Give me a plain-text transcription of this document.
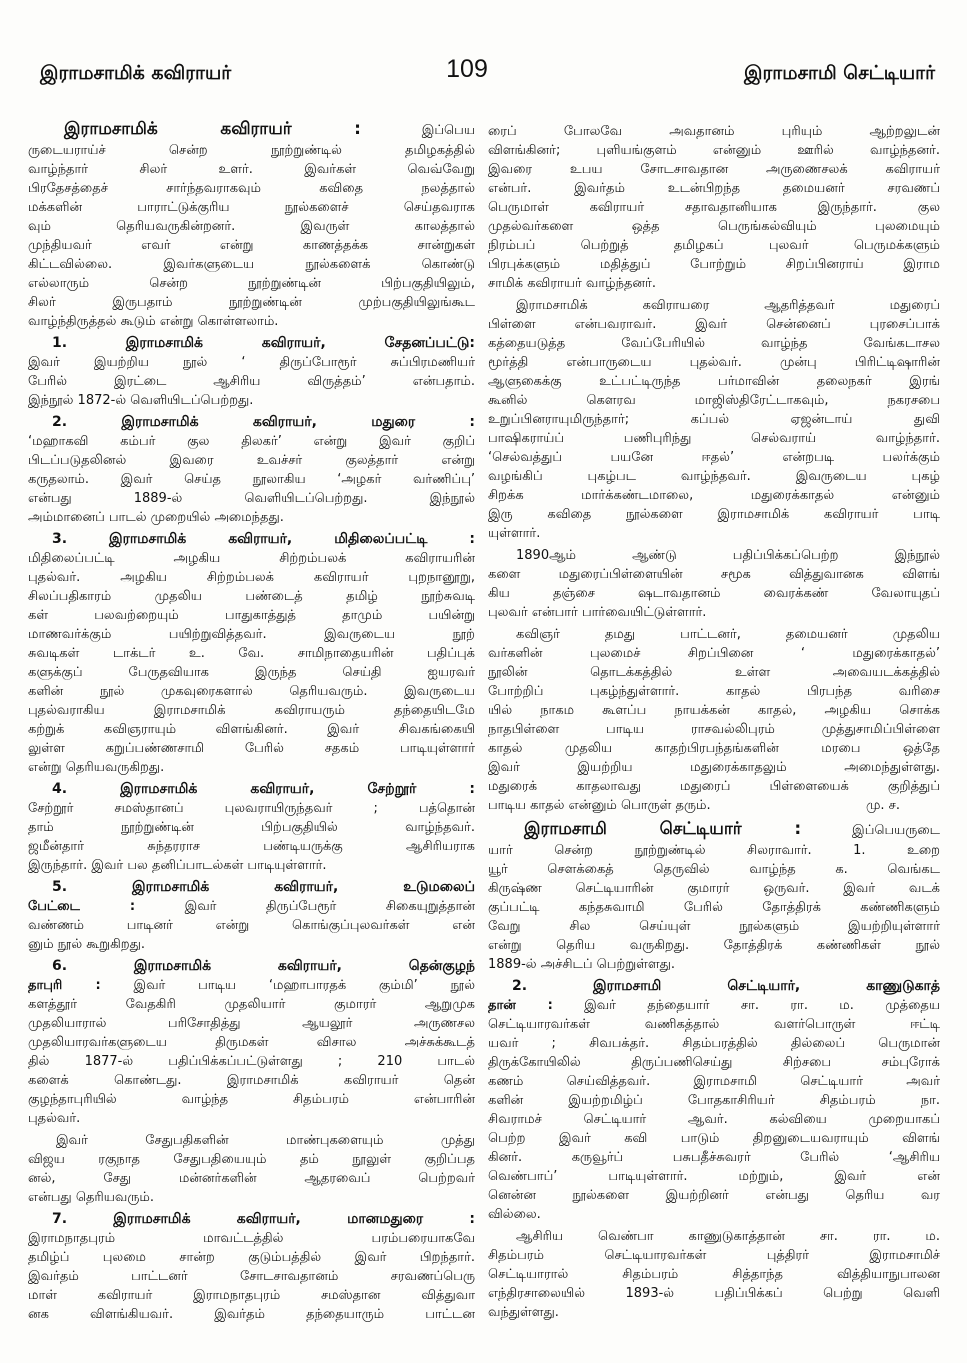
இராமசாமிக் கவிராயர்	109	இராமசாமி செட்டியார்
இராமசாமிக் கவிராயர் : இப்பெய
ருடையராய்ச் சென்ற நூற்றுண்டில் தமிழகத்தில்
வாழ்ந்தார் சிலர் உளர். இவர்கள் வெவ்வேறு
பிரதேசத்தைச் சார்ந்தவராகவும் கவிதை நலத்தால்
மக்களின் பாராட்டுக்குரிய நூல்களைச் செய்தவராக
வும் தெரியவருகின்றனர். இவருள் காலத்தால்
முந்தியவர் எவர் என்று காணத்தக்க சான்றுகள்
கிட்டவில்லை. இவர்களுடைய நூல்களைக் கொண்டு
எல்லாரும் சென்ற நூற்றுண்டின் பிற்பகுதியிலும்,
சிலர் இருபதாம் நூற்றுண்டின் முற்பகுதியிலுங்கூட
வாழ்ந்திருத்தல் கூடும் என்று கொள்ளலாம்.
1. இராமசாமிக் கவிராயர், சேதனப்பட்டு:
இவர் இயற்றிய நூல் ‘ திருப்போரூர் சுப்பிரமணியர்
பேரில் இரட்டை ஆசிரிய விருத்தம்’ என்பதாம்.
இந்நூல் 1872-ல் வெளியிடப்பெற்றது.
2. இராமசாமிக் கவிராயர், மதுரை :
‘மஹாகவி கம்பர் குல திலகர்’ என்று இவர் குறிப்
பிடப்படுதலினல் இவரை உவச்சர் குலத்தார் என்று
கருதலாம். இவர் செய்த நூலாகிய ‘அழகர் வர்ணிப்பு’
என்பது 1889-ல் வெளியிடப்பெற்றது. இந்நூல்
அம்மானைப் பாடல் முறையில் அமைந்தது.
3. இராமசாமிக் கவிராயர், மிதிலைப்பட்டி :
மிதிலைப்பட்டி அழகிய சிற்றம்பலக் கவிராயரின்
புதல்வர். அழகிய சிற்றம்பலக் கவிராயர் புறநானூறு,
சிலப்பதிகாரம் முதலிய பண்டைத் தமிழ் நூற்சுவடி
கள் பலவற்றையும் பாதுகாத்துத் தாமும் பயின்று
மாணவர்க்கும் பயிற்றுவித்தவர். இவருடைய நூற்
சுவடிகள் டாக்டர் உ. வே. சாமிநாதையரின் பதிப்புக்
களுக்குப் பேருதவியாக இருந்த செய்தி ஐயரவர்
களின் நூல் முகவுரைகளால் தெரியவரும். இவருடைய
புதல்வராகிய இராமசாமிக் கவிராயரும் தந்தையிடமே
கற்றுக் கவிஞராயும் விளங்கினர். இவர் சிவகங்கையி
லுள்ள கறுப்பண்ணசாமி பேரில் சதகம் பாடியுள்ளார்
என்று தெரியவருகிறது.
4. இராமசாமிக் கவிராயர், சேற்றூர் :
சேற்றூர் சமஸ்தானப் புலவராயிருந்தவர் ; பத்தொன்
தாம் நூற்றுண்டின் பிற்பகுதியில் வாழ்ந்தவர்.
ஜமீன்தார் சுந்தரராச பண்டியருக்கு ஆசிரியராக
இருந்தார். இவர் பல தனிப்பாடல்கள் பாடியுள்ளார்.
5. இராமசாமிக் கவிராயர், உடுமலைப்
பேட்டை : இவர் திருப்பேரூர் சிகையுறுத்தான்
வண்ணம் பாடினர் என்று கொங்குப்புலவர்கள் என்
னும் நூல் கூறுகிறது.
6. இராமசாமிக் கவிராயர், தென்குழந்
தாபுரி : இவர் பாடிய ‘மஹாபாரதக் கும்மி’ நூல்
களத்தூர் வேதகிரி முதலியார் குமாரர் ஆறுமுக
முதலியாரால் பரிசோதித்து ஆயலூர் அருணசல
முதலியாரவர்களுடைய திருமகள் விசால அச்சுக்கூடத்
தில் 1877-ல் பதிப்பிக்கப்பட்டுள்ளது ; 210 பாடல்
களைக் கொண்டது. இராமசாமிக் கவிராயர் தென்
குழந்தாபுரியில் வாழ்ந்த சிதம்பரம் என்பாரின்
புதல்வர்.
இவர் சேதுபதிகளின் மாண்புகளையும் முத்து
விஜய ரகுநாத சேதுபதியையும் தம் நூலுள் குறிப்பத
னல், சேது மன்னர்களின் ஆதரவைப் பெற்றவர்
என்பது தெரியவரும்.
7. இராமசாமிக் கவிராயர், மானமதுரை :
இராமநாதபுரம் மாவட்டத்தில் பரம்பரையாகவே
தமிழ்ப் புலமை சான்ற குடும்பத்தில் இவர் பிறந்தார்.
இவர்தம் பாட்டனர் சோடசாவதானம் சரவணப்பெரு
மாள் கவிராயர் இராமநாதபுரம் சமஸ்தான வித்துவா
னக விளங்கியவர். இவர்தம் தந்தையாரும் பாட்டன
ரைப் போலவே அவதானம் புரியும் ஆற்றலுடன்
விளங்கினர்; புளியங்குளம் என்னும் ஊரில் வாழ்ந்தனர்.
இவரை உபய சோடசாவதான அருணைசலக் கவிராயர்
என்பர். இவர்தம் உடன்பிறந்த தமையனர் சரவணப்
பெருமாள் கவிராயர் சதாவதானியாக இருந்தார். குல
முதல்வர்களை ஒத்த பெருங்கல்வியும் புலமையும்
நிரம்பப் பெற்றுத் தமிழகப் புலவர் பெருமக்களும்
பிரபுக்களும் மதித்துப் போற்றும் சிறப்பினராய் இராம
சாமிக் கவிராயர் வாழ்ந்தனர்.
இராமசாமிக் கவிராயரை ஆதரித்தவர் மதுரைப்
பிள்ளை என்பவராவர். இவர் சென்னைப் புரசைப்பாக்
கத்தையடுத்த வேப்பேரியில் வாழ்ந்த வேங்கடாசல
மூர்த்தி என்பாருடைய புதல்வர். முன்பு பிரிட்டிஷாரின்
ஆளுகைக்கு உட்பட்டிருந்த பர்மாவின் தலைநகர் இரங்
கூனில் கௌரவ மாஜிஸ்திரேட்டாகவும், நகரசபை
உறுப்பினராயுமிருந்தார்; கப்பல் ஏஜன்டாய் துவி
பாஷிகராய்ப் பணிபுரிந்து செல்வராய் வாழ்ந்தார்.
‘செல்வத்துப் பயனே ஈதல்’ என்றபடி பலர்க்கும்
வழங்கிப் புகழ்பட வாழ்ந்தவர். இவருடைய புகழ்
சிறக்க மார்க்கண்டமாலை, மதுரைக்காதல் என்னும்
இரு கவிதை நூல்களை இராமசாமிக் கவிராயர் பாடி
யுள்ளார்.
1890ஆம் ஆண்டு பதிப்பிக்கப்பெற்ற இந்நூல்
களை மதுரைப்பிள்ளையின் சமூக வித்துவானக விளங்
கிய தஞ்சை ஷடாவதானம் வைரக்கண் வேலாயுதப்
புலவர் என்பார் பார்வையிட்டுள்ளார்.
கவிஞர் தமது பாட்டனர், தமையனர் முதலிய
வர்களின் புலமைச் சிறப்பினை ‘ மதுரைக்காதல்’
நூலின் தொடக்கத்தில் உள்ள அவையடக்கத்தில்
போற்றிப் புகழ்ந்துள்ளார். காதல் பிரபந்த வரிசை
யில் நாகம கூளப்ப நாயக்கன் காதல், அழகிய சொக்க
நாதபிள்ளை பாடிய ராசவல்லிபுரம் முத்துசாமிப்பிள்ளை
காதல் முதலிய காதற்பிரபந்தங்களின் மரபை ஒத்தே
இவர் இயற்றிய மதுரைக்காதலும் அமைந்துள்ளது.
மதுரைக் காதலாவது மதுரைப் பிள்ளையைக் குறித்துப்
பாடிய காதல் என்னும் பொருள் தரும்.	மு. ச.
இராமசாமி செட்டியார் : இப்பெயருடை
யார் சென்ற நூற்றுண்டில் சிலராவார். 1. உறை
யூர் சௌக்கைத் தெருவில் வாழ்ந்த க. வெங்கட
கிருஷ்ண செட்டியாரின் குமாரர் ஒருவர். இவர் வடக்
குப்பட்டி கந்தசுவாமி பேரில் தோத்திரக் கண்ணிகளும்
வேறு சில செய்யுள் நூல்களும் இயற்றியுள்ளார்
என்று தெரிய வருகிறது. தோத்திரக் கண்ணிகள் நூல்
1889-ல் அச்சிடப் பெற்றுள்ளது.
2. இராமசாமி செட்டியார், காணுடுகாத்
தான் : இவர் தந்தையார் சா. ரா. ம. முத்தைய
செட்டியாரவர்கள் வணிகத்தால் வளர்பொருள் ஈட்டி
யவர் ; சிவபக்தர். சிதம்பரத்தில் தில்லைப் பெருமான்
திருக்கோயிலில் திருப்பணிசெய்து சிற்சபை சம்புரோக்
கணம் செய்வித்தவர். இராமசாமி செட்டியார் அவர்
களின் இயற்றமிழ்ப் போதகாசிரியர் சிதம்பரம் நா.
சிவராமச் செட்டியார் ஆவர். கல்வியை முறையாகப்
பெற்ற இவர் கவி பாடும் திறனுடையவராயும் விளங்
கினர். கருவூர்ப் பசுபதீச்சுவரர் பேரில் ‘ஆசிரிய
வெண்பாப்’ பாடியுள்ளார். மற்றும், இவர் என்
னென்ன நூல்களை இயற்றினர் என்பது தெரிய வர
வில்லை.
ஆசிரிய வெண்பா காணுடுகாத்தான் சா. ரா. ம.
சிதம்பரம் செட்டியாரவர்கள் புத்திரர் இராமசாமிச்
செட்டியாரால் சிதம்பரம் சித்தாந்த வித்தியாநுபாலன
எந்திரசாலையில் 1893-ல் பதிப்பிக்கப் பெற்று வெளி
வந்துள்ளது.
